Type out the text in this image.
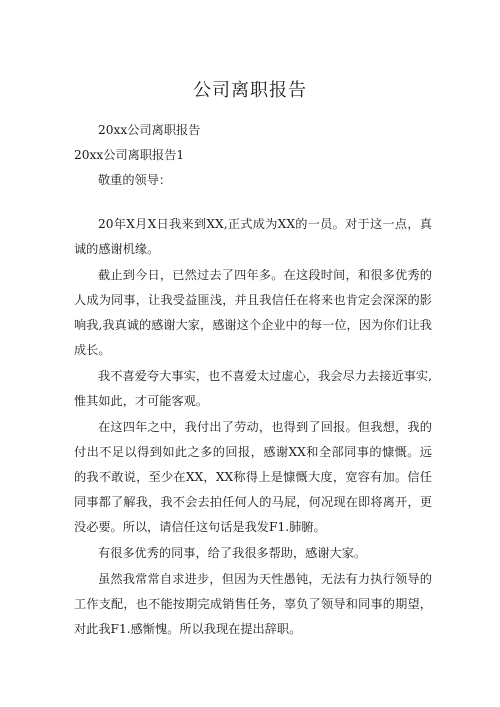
公司离职报告

20xx公司离职报告

20xx公司离职报告1

敬重的领导：

20年X月X日我来到XX,正式成为XX的一员。对于这一点，真诚的感谢机缘。

截止到今日，已然过去了四年多。在这段时间，和很多优秀的人成为同事，让我受益匪浅，并且我信任在将来也肯定会深深的影响我,我真诚的感谢大家，感谢这个企业中的每一位，因为你们让我成长。

我不喜爱夸大事实，也不喜爱太过虚心，我会尽力去接近事实,惟其如此，才可能客观。

在这四年之中，我付出了劳动，也得到了回报。但我想，我的付出不足以得到如此之多的回报，感谢XX和全部同事的慷慨。远的我不敢说，至少在XX，XX称得上是慷慨大度，宽容有加。信任同事都了解我，我不会去拍任何人的马屁，何况现在即将离开，更没必要。所以，请信任这句话是我发F1.肺腑。

有很多优秀的同事，给了我很多帮助，感谢大家。

虽然我常常自求进步，但因为天性愚钝，无法有力执行领导的工作支配，也不能按期完成销售任务，辜负了领导和同事的期望，对此我F1.感惭愧。所以我现在提出辞职。
